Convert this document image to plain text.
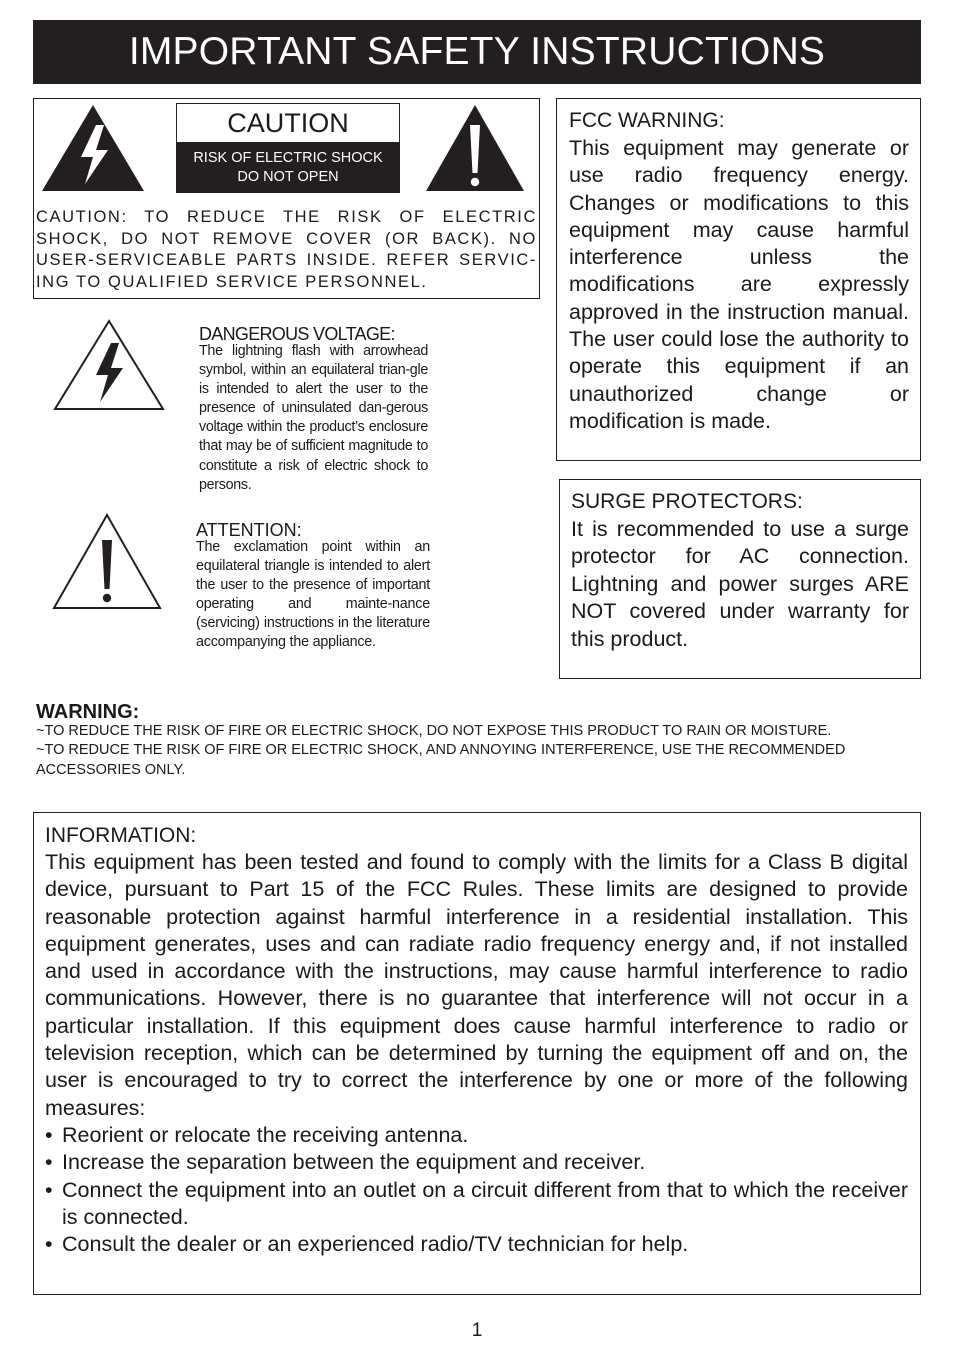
IMPORTANT SAFETY INSTRUCTIONS
CAUTION
RISK OF ELECTRIC SHOCK
DO NOT OPEN
CAUTION: TO REDUCE THE RISK OF ELECTRIC SHOCK, DO NOT REMOVE COVER (OR BACK). NO USER-SERVICEABLE PARTS INSIDE. REFER SERVIC-ING TO QUALIFIED SERVICE PERSONNEL.
DANGEROUS VOLTAGE:
The lightning flash with arrowhead symbol, within an equilateral trian-gle is intended to alert the user to the presence of uninsulated dan-gerous voltage within the product’s enclosure that may be of sufficient magnitude to constitute a risk of electric shock to persons.
ATTENTION:
The exclamation point within an equilateral triangle is intended to alert the user to the presence of important operating and mainte-nance (servicing) instructions in the literature accompanying the appliance.
FCC WARNING:
This equipment may generate or use radio frequency energy. Changes or modifications to this equipment may cause harmful interference unless the modifications are expressly approved in the instruction manual. The user could lose the authority to operate this equipment if an unauthorized change or modification is made.
SURGE PROTECTORS:
It is recommended to use a surge protector for AC connection. Lightning and power surges ARE NOT covered under warranty for this product.
WARNING:
~TO REDUCE THE RISK OF FIRE OR ELECTRIC SHOCK, DO NOT EXPOSE THIS PRODUCT TO RAIN OR MOISTURE.
~TO REDUCE THE RISK OF FIRE OR ELECTRIC SHOCK, AND ANNOYING INTERFERENCE, USE THE RECOMMENDED ACCESSORIES ONLY.
INFORMATION:
This equipment has been tested and found to comply with the limits for a Class B digital device, pursuant to Part 15 of the FCC Rules. These limits are designed to provide reasonable protection against harmful interference in a residential installation. This equipment generates, uses and can radiate radio frequency energy and, if not installed and used in accordance with the instructions, may cause harmful interference to radio communications. However, there is no guarantee that interference will not occur in a particular installation. If this equipment does cause harmful interference to radio or television reception, which can be determined by turning the equipment off and on, the user is encouraged to try to correct the interference by one or more of the following measures:
• Reorient or relocate the receiving antenna.
• Increase the separation between the equipment and receiver.
• Connect the equipment into an outlet on a circuit different from that to which the receiver is connected.
• Consult the dealer or an experienced radio/TV technician for help.
1
